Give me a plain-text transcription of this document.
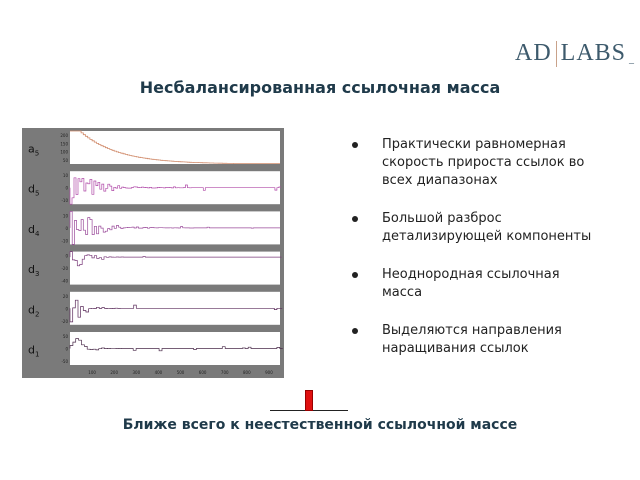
AD LABS _
Несбалансированная ссылочная масса
$a_5$
200
150
100
50
$d_5$
10
0
-10
$d_4$
10
0
-10
$d_3$
0
-20
-40
$d_2$
20
0
-20
$d_1$
50
0
-50
100	200	300	400	500	600	700	800	900
Практически равномерная скорость прироста ссылок во всех диапазонах
Большой разброс детализирующей компоненты
Неоднородная ссылочная масса
Выделяются направления наращивания ссылок
Ближе всего к неестественной ссылочной массе
